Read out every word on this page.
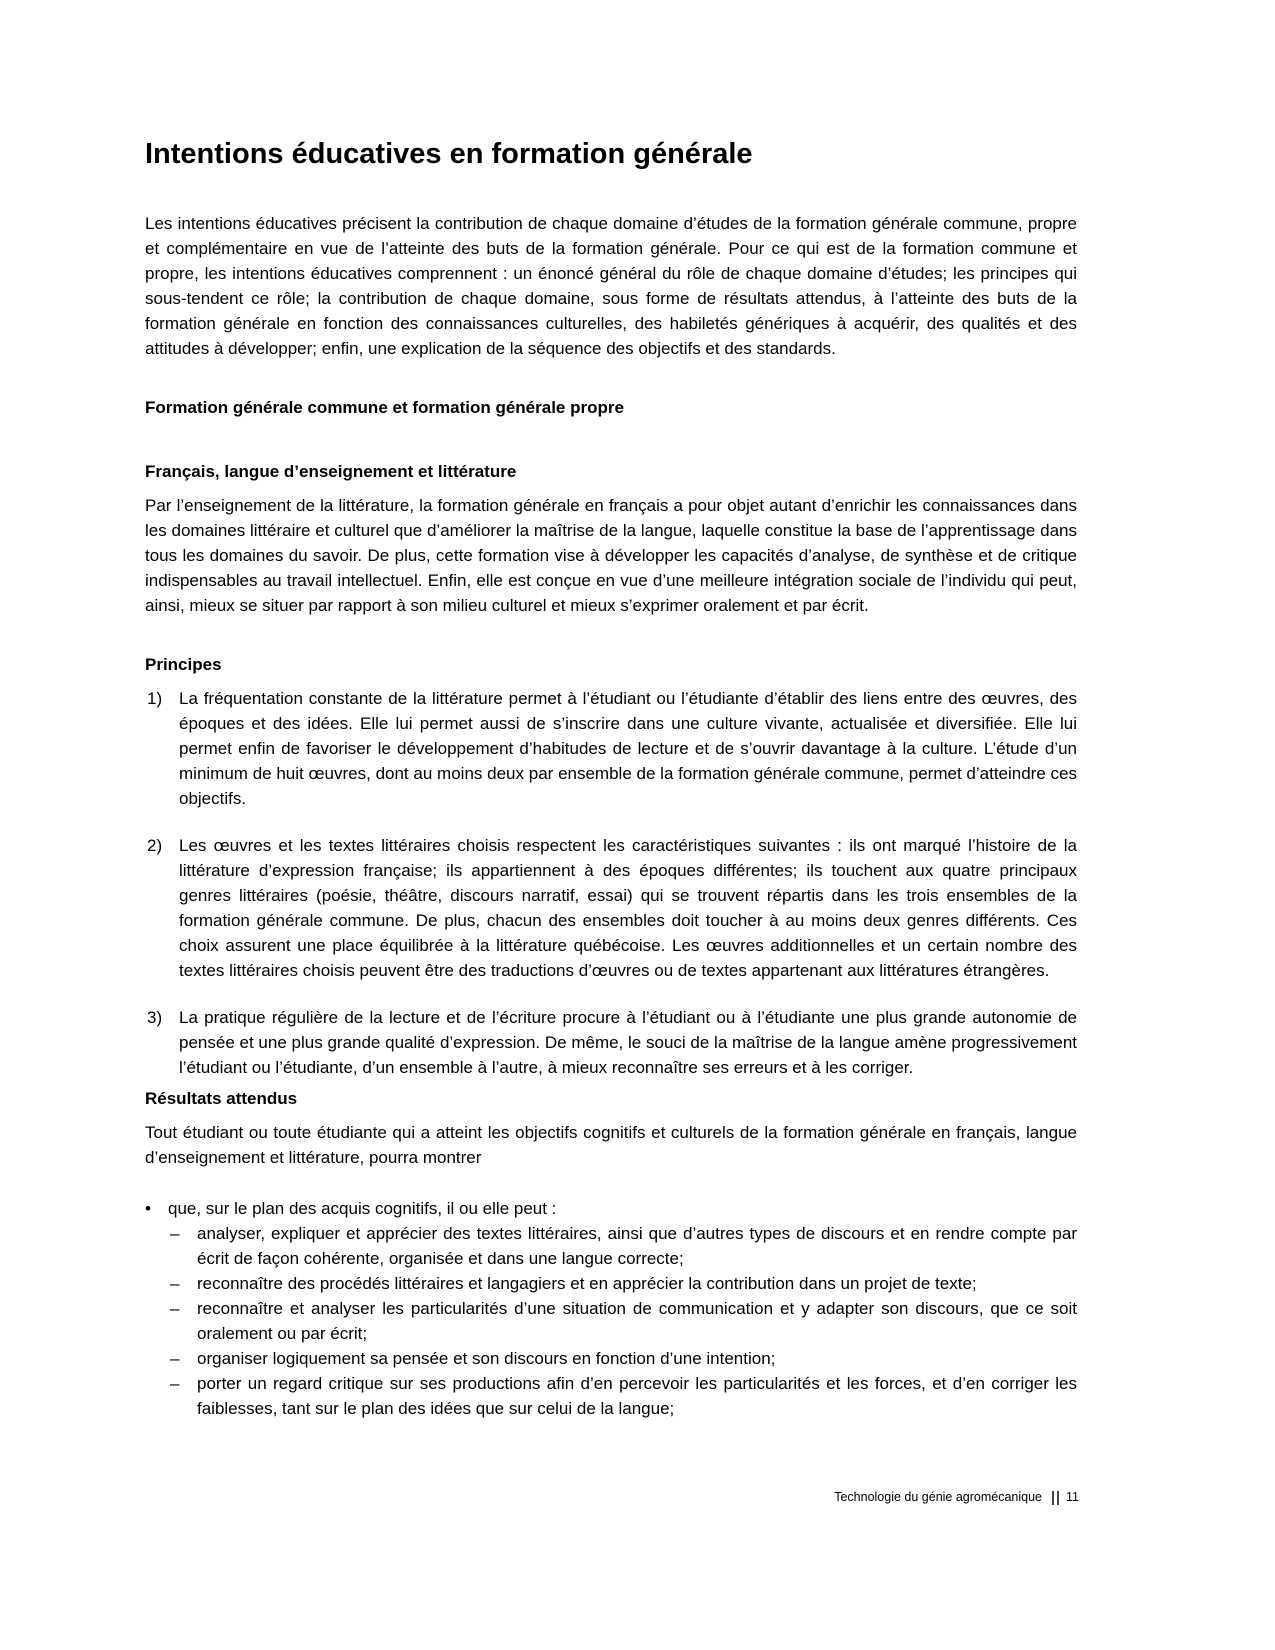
Intentions éducatives en formation générale

Les intentions éducatives précisent la contribution de chaque domaine d’études de la formation générale commune, propre et complémentaire en vue de l’atteinte des buts de la formation générale. Pour ce qui est de la formation commune et propre, les intentions éducatives comprennent : un énoncé général du rôle de chaque domaine d’études; les principes qui sous-tendent ce rôle; la contribution de chaque domaine, sous forme de résultats attendus, à l’atteinte des buts de la formation générale en fonction des connaissances culturelles, des habiletés génériques à acquérir, des qualités et des attitudes à développer; enfin, une explication de la séquence des objectifs et des standards.

Formation générale commune et formation générale propre
Français, langue d’enseignement et littérature

Par l’enseignement de la littérature, la formation générale en français a pour objet autant d’enrichir les connaissances dans les domaines littéraire et culturel que d’améliorer la maîtrise de la langue, laquelle constitue la base de l’apprentissage dans tous les domaines du savoir. De plus, cette formation vise à développer les capacités d’analyse, de synthèse et de critique indispensables au travail intellectuel. Enfin, elle est conçue en vue d’une meilleure intégration sociale de l’individu qui peut, ainsi, mieux se situer par rapport à son milieu culturel et mieux s’exprimer oralement et par écrit.

Principes
1) La fréquentation constante de la littérature permet à l’étudiant ou l’étudiante d’établir des liens entre des œuvres, des époques et des idées. Elle lui permet aussi de s’inscrire dans une culture vivante, actualisée et diversifiée. Elle lui permet enfin de favoriser le développement d’habitudes de lecture et de s’ouvrir davantage à la culture. L’étude d’un minimum de huit œuvres, dont au moins deux par ensemble de la formation générale commune, permet d’atteindre ces objectifs.
2) Les œuvres et les textes littéraires choisis respectent les caractéristiques suivantes : ils ont marqué l’histoire de la littérature d’expression française; ils appartiennent à des époques différentes; ils touchent aux quatre principaux genres littéraires (poésie, théâtre, discours narratif, essai) qui se trouvent répartis dans les trois ensembles de la formation générale commune. De plus, chacun des ensembles doit toucher à au moins deux genres différents. Ces choix assurent une place équilibrée à la littérature québécoise. Les œuvres additionnelles et un certain nombre des textes littéraires choisis peuvent être des traductions d’œuvres ou de textes appartenant aux littératures étrangères.
3) La pratique régulière de la lecture et de l’écriture procure à l’étudiant ou à l’étudiante une plus grande autonomie de pensée et une plus grande qualité d’expression. De même, le souci de la maîtrise de la langue amène progressivement l’étudiant ou l’étudiante, d’un ensemble à l’autre, à mieux reconnaître ses erreurs et à les corriger.
Résultats attendus

Tout étudiant ou toute étudiante qui a atteint les objectifs cognitifs et culturels de la formation générale en français, langue d’enseignement et littérature, pourra montrer

•	que, sur le plan des acquis cognitifs, il ou elle peut :
–	analyser, expliquer et apprécier des textes littéraires, ainsi que d’autres types de discours et en rendre compte par écrit de façon cohérente, organisée et dans une langue correcte;
–	reconnaître des procédés littéraires et langagiers et en apprécier la contribution dans un projet de texte;
–	reconnaître et analyser les particularités d’une situation de communication et y adapter son discours, que ce soit oralement ou par écrit;
–	organiser logiquement sa pensée et son discours en fonction d’une intention;
–	porter un regard critique sur ses productions afin d’en percevoir les particularités et les forces, et d’en corriger les faiblesses, tant sur le plan des idées que sur celui de la langue;
Technologie du génie agromécanique 11
